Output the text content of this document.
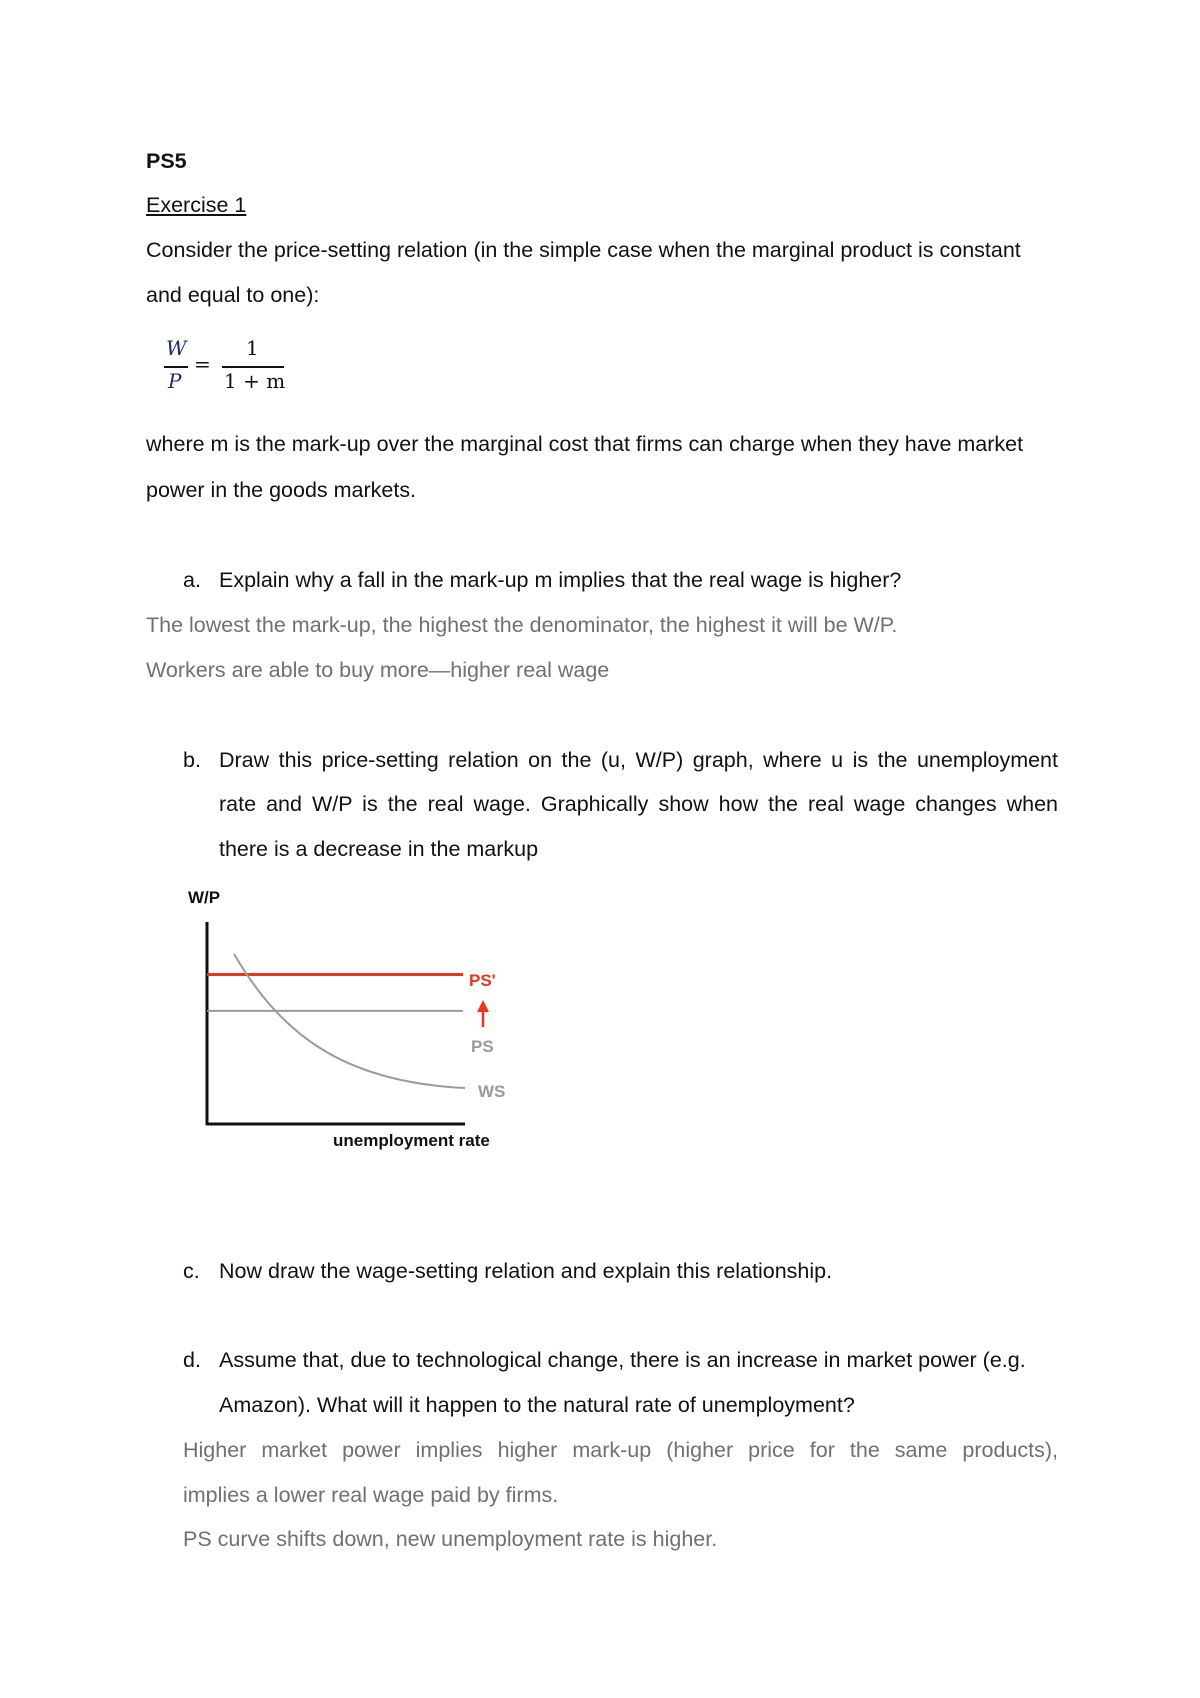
PS5
Exercise 1
Consider the price-setting relation (in the simple case when the marginal product is constant
and equal to one):
W
P
=
1
1 + m
where m is the mark-up over the marginal cost that firms can charge when they have market
power in the goods markets.
a. Explain why a fall in the mark-up m implies that the real wage is higher?
The lowest the mark-up, the highest the denominator, the highest it will be W/P.
Workers are able to buy more—higher real wage
b. Draw this price-setting relation on the (u, W/P) graph, where u is the unemployment
rate and W/P is the real wage. Graphically show how the real wage changes when
there is a decrease in the markup
W/P
PS'
PS
WS
unemployment rate
c. Now draw the wage-setting relation and explain this relationship.
d. Assume that, due to technological change, there is an increase in market power (e.g.
Amazon). What will it happen to the natural rate of unemployment?
Higher market power implies higher mark-up (higher price for the same products),
implies a lower real wage paid by firms.
PS curve shifts down, new unemployment rate is higher.
